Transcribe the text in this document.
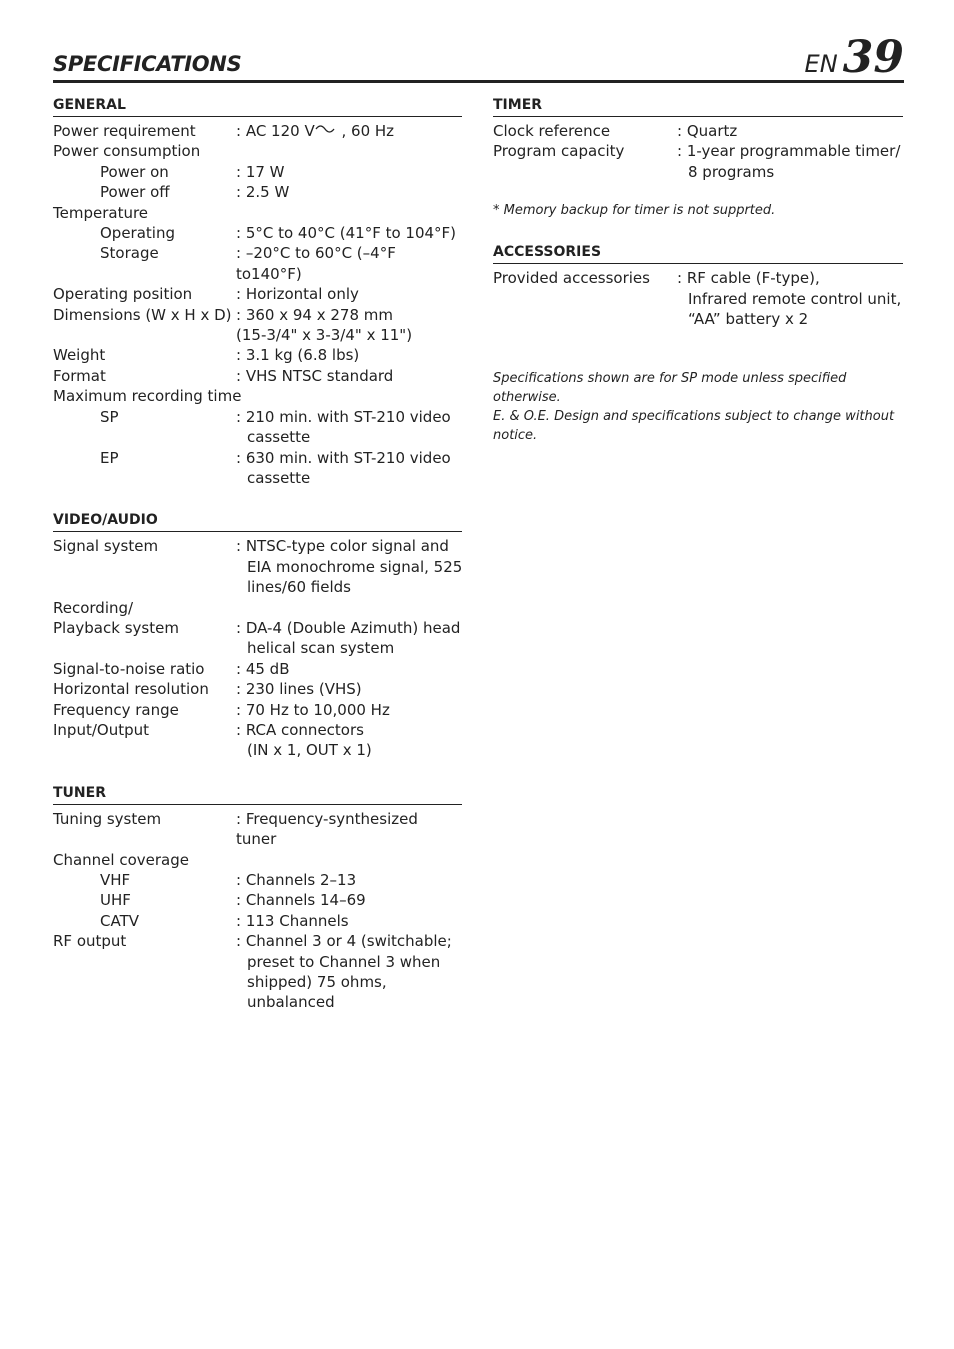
SPECIFICATIONS	EN 39
GENERAL
Power requirement	: AC 120 V , 60 Hz
Power consumption
Power on	: 17 W
Power off	: 2.5 W
Temperature
Operating	: 5°C to 40°C (41°F to 104°F)
Storage	: –20°C to 60°C (–4°F to140°F)
Operating position	: Horizontal only
Dimensions (W x H x D) : 360 x 94 x 278 mm
(15-3/4" x 3-3/4" x 11")
Weight	: 3.1 kg (6.8 lbs)
Format	: VHS NTSC standard
Maximum recording time
SP	: 210 min. with ST-210 video
cassette
EP	: 630 min. with ST-210 video
cassette
VIDEO/AUDIO
Signal system	: NTSC-type color signal and
EIA monochrome signal, 525
lines/60 fields
Recording/
Playback system	: DA-4 (Double Azimuth) head
helical scan system
Signal-to-noise ratio	: 45 dB
Horizontal resolution	: 230 lines (VHS)
Frequency range	: 70 Hz to 10,000 Hz
Input/Output	: RCA connectors
(IN x 1, OUT x 1)
TUNER
Tuning system	: Frequency-synthesized tuner
Channel coverage
VHF	: Channels 2–13
UHF	: Channels 14–69
CATV	: 113 Channels
RF output	: Channel 3 or 4 (switchable;
preset to Channel 3 when
shipped) 75 ohms,
unbalanced
TIMER
Clock reference	: Quartz
Program capacity	: 1-year programmable timer/
8 programs
* Memory backup for timer is not supprted.
ACCESSORIES
Provided accessories	: RF cable (F-type),
Infrared remote control unit,
“AA” battery x 2
Specifications shown are for SP mode unless specified
otherwise.
E. & O.E. Design and specifications subject to change without
notice.
